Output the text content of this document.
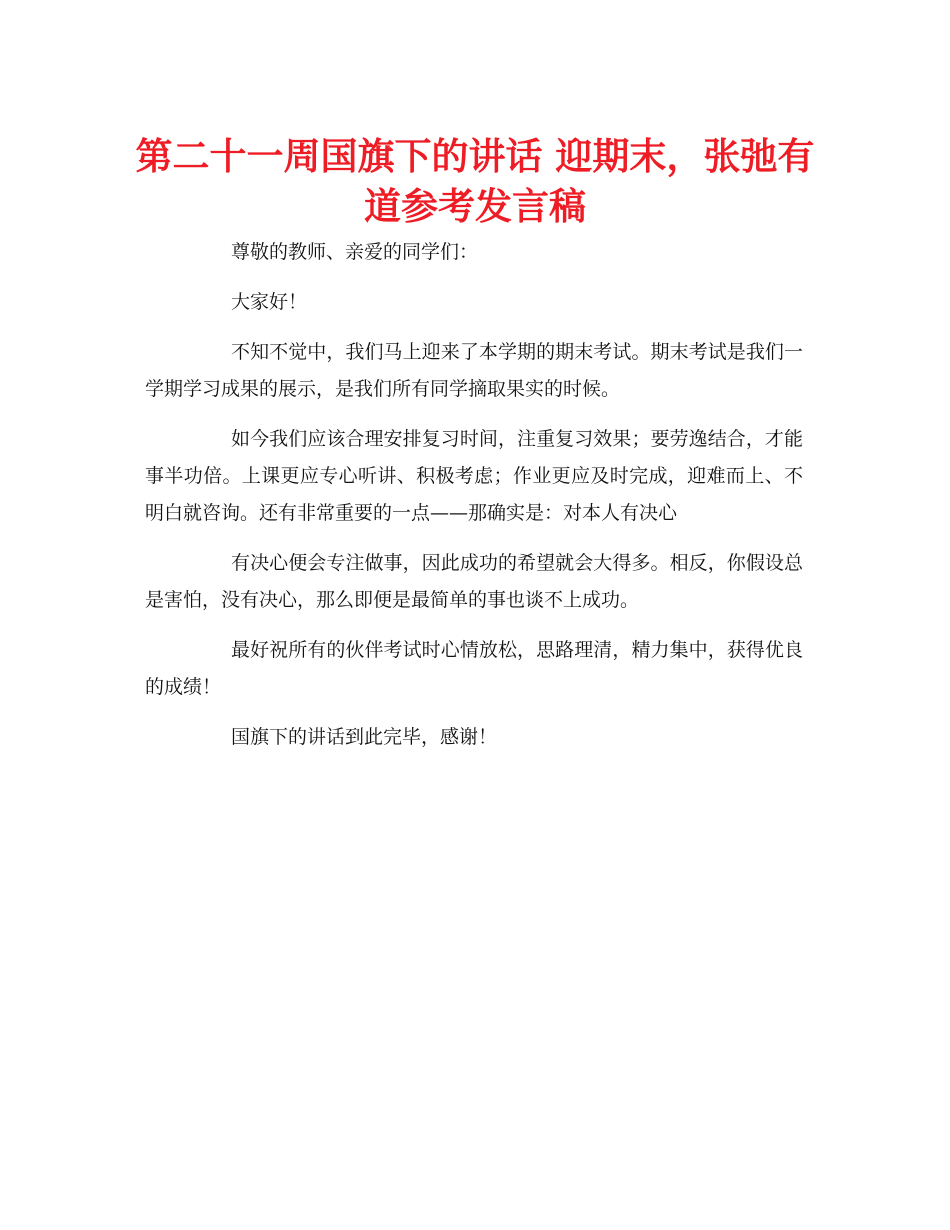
第二十一周国旗下的讲话 迎期末，张弛有道参考发言稿

尊敬的教师、亲爱的同学们：

大家好！

不知不觉中，我们马上迎来了本学期的期末考试。期末考试是我们一学期学习成果的展示，是我们所有同学摘取果实的时候。

如今我们应该合理安排复习时间，注重复习效果；要劳逸结合，才能事半功倍。上课更应专心听讲、积极考虑；作业更应及时完成，迎难而上、不明白就咨询。还有非常重要的一点——那确实是：对本人有决心

有决心便会专注做事，因此成功的希望就会大得多。相反，你假设总是害怕，没有决心，那么即便是最简单的事也谈不上成功。

最好祝所有的伙伴考试时心情放松，思路理清，精力集中，获得优良的成绩！

国旗下的讲话到此完毕，感谢！
